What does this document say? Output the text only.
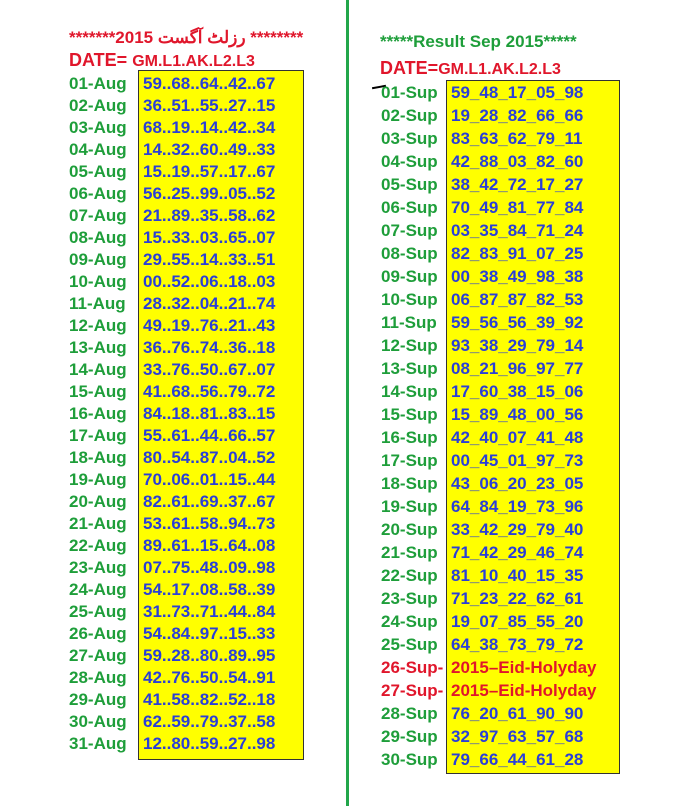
*******2015 رزلٹ آگست ********
DATE= GM.L1.AK.L2.L3
01-Aug 59..68..64..42..67
02-Aug 36..51..55..27..15
03-Aug 68..19..14..42..34
04-Aug 14..32..60..49..33
05-Aug 15..19..57..17..67
06-Aug 56..25..99..05..52
07-Aug 21..89..35..58..62
08-Aug 15..33..03..65..07
09-Aug 29..55..14..33..51
10-Aug 00..52..06..18..03
11-Aug 28..32..04..21..74
12-Aug 49..19..76..21..43
13-Aug 36..76..74..36..18
14-Aug 33..76..50..67..07
15-Aug 41..68..56..79..72
16-Aug 84..18..81..83..15
17-Aug 55..61..44..66..57
18-Aug 80..54..87..04..52
19-Aug 70..06..01..15..44
20-Aug 82..61..69..37..67
21-Aug 53..61..58..94..73
22-Aug 89..61..15..64..08
23-Aug 07..75..48..09..98
24-Aug 54..17..08..58..39
25-Aug 31..73..71..44..84
26-Aug 54..84..97..15..33
27-Aug 59..28..80..89..95
28-Aug 42..76..50..54..91
29-Aug 41..58..82..52..18
30-Aug 62..59..79..37..58
31-Aug 12..80..59..27..98
*****Result Sep 2015*****
DATE=GM.L1.AK.L2.L3
01-Sup 59_48_17_05_98
02-Sup 19_28_82_66_66
03-Sup 83_63_62_79_11
04-Sup 42_88_03_82_60
05-Sup 38_42_72_17_27
06-Sup 70_49_81_77_84
07-Sup 03_35_84_71_24
08-Sup 82_83_91_07_25
09-Sup 00_38_49_98_38
10-Sup 06_87_87_82_53
11-Sup 59_56_56_39_92
12-Sup 93_38_29_79_14
13-Sup 08_21_96_97_77
14-Sup 17_60_38_15_06
15-Sup 15_89_48_00_56
16-Sup 42_40_07_41_48
17-Sup 00_45_01_97_73
18-Sup 43_06_20_23_05
19-Sup 64_84_19_73_96
20-Sup 33_42_29_79_40
21-Sup 71_42_29_46_74
22-Sup 81_10_40_15_35
23-Sup 71_23_22_62_61
24-Sup 19_07_85_55_20
25-Sup 64_38_73_79_72
26-Sup- 2015–Eid-Holyday
27-Sup- 2015–Eid-Holyday
28-Sup 76_20_61_90_90
29-Sup 32_97_63_57_68
30-Sup 79_66_44_61_28
